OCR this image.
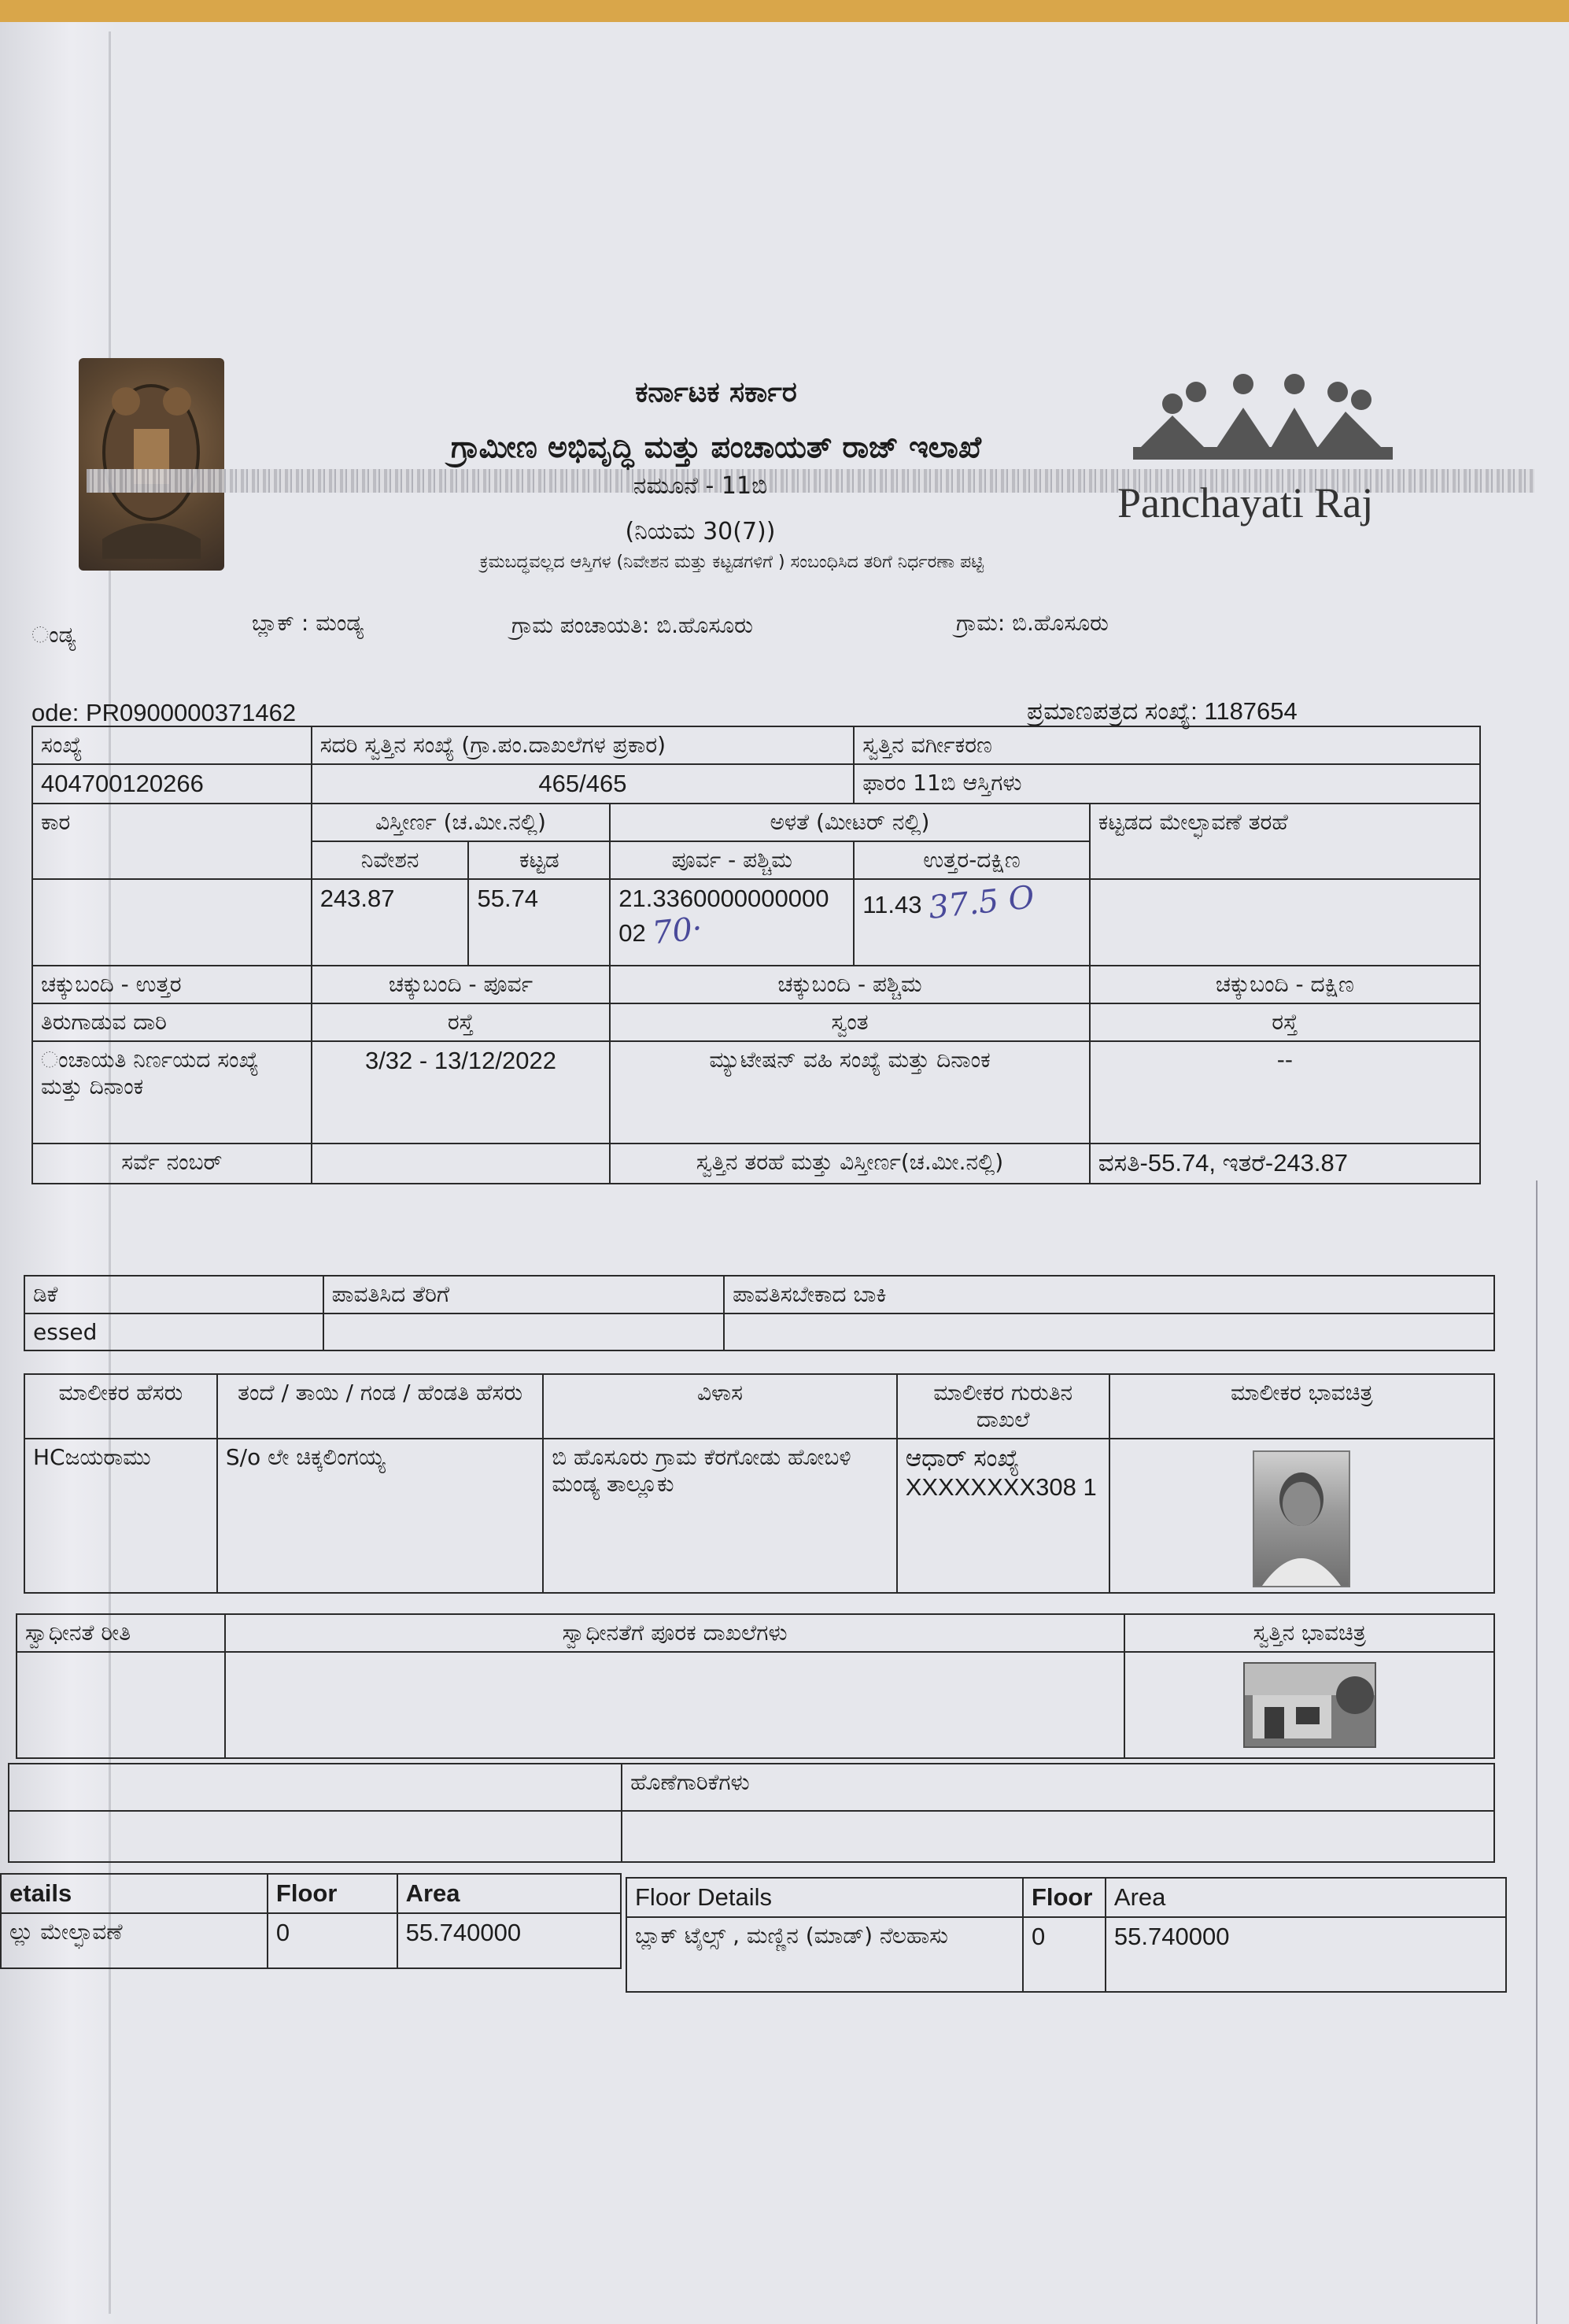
ಕರ್ನಾಟಕ ಸರ್ಕಾರ
ಗ್ರಾಮೀಣ ಅಭಿವೃದ್ಧಿ ಮತ್ತು ಪಂಚಾಯತ್ ರಾಜ್ ಇಲಾಖೆ
ನಮೂನೆ - 11ಬಿ
(ನಿಯಮ 30(7))
ಕ್ರಮಬದ್ಧವಲ್ಲದ ಆಸ್ತಿಗಳ (ನಿವೇಶನ ಮತ್ತು ಕಟ್ಟಡಗಳಿಗೆ ) ಸಂಬಂಧಿಸಿದ ತರಿಗೆ ನಿರ್ಧರಣಾ ಪಟ್ಟಿ
Panchayati Raj
ಂಡ್ಯ	ಬ್ಲಾಕ್ : ಮಂಡ್ಯ	ಗ್ರಾಮ ಪಂಚಾಯತಿ: ಬಿ.ಹೊಸೂರು	ಗ್ರಾಮ: ಬಿ.ಹೊಸೂರು
ode: PR0900000371462	ಪ್ರಮಾಣಪತ್ರದ ಸಂಖ್ಯೆ: 1187654
ಸಂಖ್ಯೆ	ಸದರಿ ಸ್ವತ್ತಿನ ಸಂಖ್ಯೆ (ಗ್ರಾ.ಪಂ.ದಾಖಲೆಗಳ ಪ್ರಕಾರ)			ಸ್ವತ್ತಿನ ವರ್ಗೀಕರಣ	
404700120266	465/465			ಫಾರಂ 11ಬಿ ಆಸ್ತಿಗಳು	
ಕಾರ	ವಿಸ್ತೀರ್ಣ (ಚ.ಮೀ.ನಲ್ಲಿ)		ಅಳತೆ (ಮೀಟರ್ ನಲ್ಲಿ)		ಕಟ್ಟಡದ ಮೇಲ್ಛಾವಣೆ ತರಹೆ
	ನಿವೇಶನ	ಕಟ್ಟಡ	ಪೂರ್ವ - ಪಶ್ಚಿಮ	ಉತ್ತರ-ದಕ್ಷಿಣ	
	243.87	55.74	21.3360000000000 02 70·	11.43 37.5 O	
ಚಕ್ಕುಬಂದಿ - ಉತ್ತರ	ಚಕ್ಕುಬಂದಿ - ಪೂರ್ವ		ಚಕ್ಕುಬಂದಿ - ಪಶ್ಚಿಮ		ಚಕ್ಕುಬಂದಿ - ದಕ್ಷಿಣ
ತಿರುಗಾಡುವ ದಾರಿ	ರಸ್ತೆ		ಸ್ವಂತ		ರಸ್ತೆ
ಂಚಾಯತಿ ನಿರ್ಣಯದ ಸಂಖ್ಯೆ ಮತ್ತು ದಿನಾಂಕ	3/32 - 13/12/2022		ಮ್ಯುಟೇಷನ್ ವಹಿ ಸಂಖ್ಯೆ ಮತ್ತು ದಿನಾಂಕ		--
ಸರ್ವೆ ನಂಬರ್			ಸ್ವತ್ತಿನ ತರಹೆ ಮತ್ತು ವಿಸ್ತೀರ್ಣ(ಚ.ಮೀ.ನಲ್ಲಿ)		ವಸತಿ-55.74, ಇತರೆ-243.87
ಡಿಕೆ	ಪಾವತಿಸಿದ ತೆರಿಗೆ	ಪಾವತಿಸಬೇಕಾದ ಬಾಕಿ
essed		
ಮಾಲೀಕರ ಹೆಸರು	ತಂದೆ / ತಾಯಿ / ಗಂಡ / ಹೆಂಡತಿ ಹೆಸರು	ವಿಳಾಸ	ಮಾಲೀಕರ ಗುರುತಿನ ದಾಖಲೆ	ಮಾಲೀಕರ ಭಾವಚಿತ್ರ
HCಜಯರಾಮು	S/o ಲೇ ಚಿಕ್ಕಲಿಂಗಯ್ಯ	ಬಿ ಹೊಸೂರು ಗ್ರಾಮ ಕೆರಗೋಡು ಹೋಬಳಿ ಮಂಡ್ಯ ತಾಲ್ಲೂಕು	ಆಧಾರ್ ಸಂಖ್ಯೆ XXXXXXXX308 1	
ಸ್ವಾಧೀನತೆ ರೀತಿ	ಸ್ವಾಧೀನತೆಗೆ ಪೂರಕ ದಾಖಲೆಗಳು	ಸ್ವತ್ತಿನ ಭಾವಚಿತ್ರ

	ಹೊಣೆಗಾರಿಕೆಗಳು

etails	Floor	Area
ಲ್ಲು ಮೇಲ್ಛಾವಣೆ	0	55.740000
Floor Details	Floor	Area
ಬ್ಲಾಕ್ ಟೈಲ್ಸ್ , ಮಣ್ಣಿನ (ಮಾಡ್) ನೆಲಹಾಸು	0	55.740000
